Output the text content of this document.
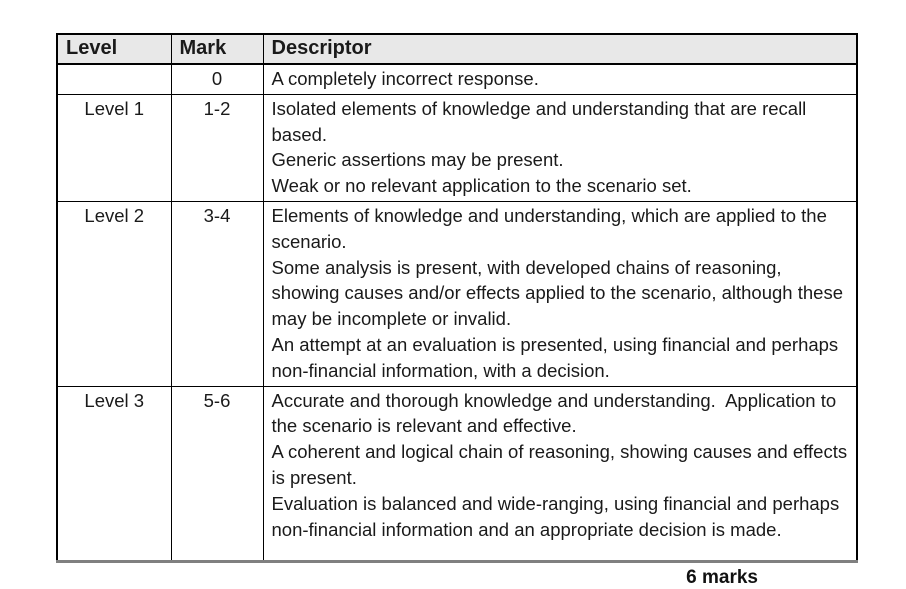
Level	Mark	Descriptor
	0	A completely incorrect response.

Level 1	1-2	Isolated elements of knowledge and understanding that are recall based.

Generic assertions may be present.

Weak or no relevant application to the scenario set.

Level 2	3-4	Elements of knowledge and understanding, which are applied to the scenario.

Some analysis is present, with developed chains of reasoning, showing causes and/or effects applied to the scenario, although these may be incomplete or invalid.

An attempt at an evaluation is presented, using financial and perhaps non-financial information, with a decision.

Level 3	5-6	Accurate and thorough knowledge and understanding.  Application to the scenario is relevant and effective.

A coherent and logical chain of reasoning, showing causes and effects is present.

Evaluation is balanced and wide-ranging, using financial and perhaps non-financial information and an appropriate decision is made.

6 marks
